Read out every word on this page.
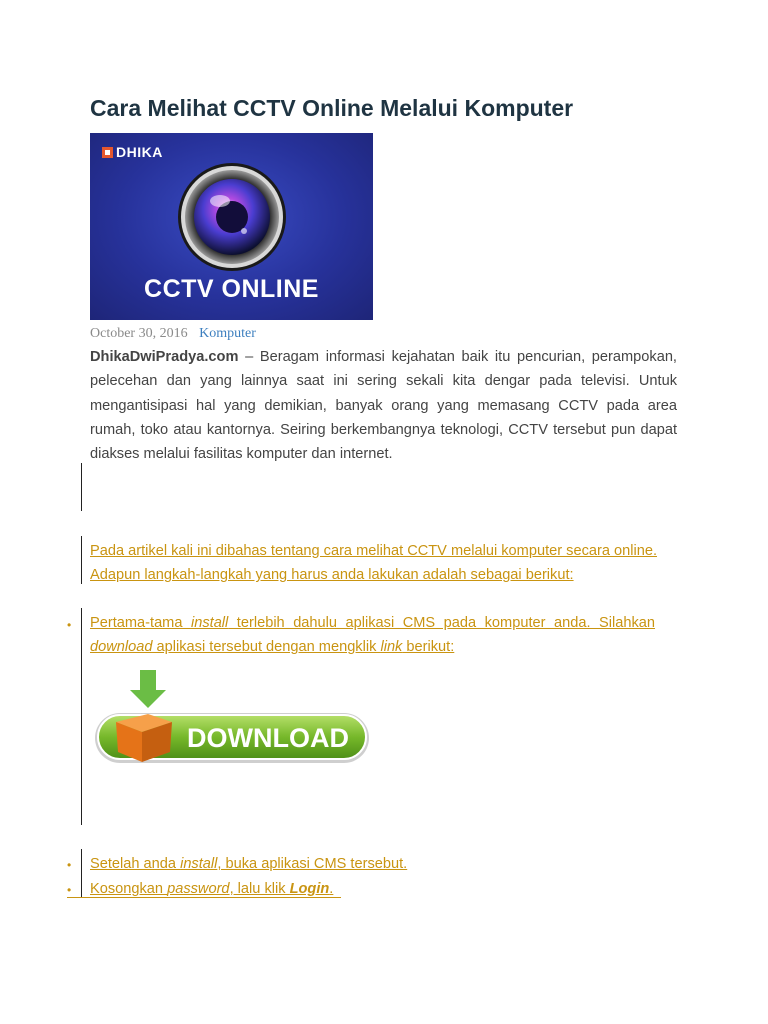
Cara Melihat CCTV Online Melalui Komputer
DHIKA
CCTV ONLINE
October 30, 2016 Komputer

DhikaDwiPradya.com – Beragam informasi kejahatan baik itu pencurian, perampokan, pelecehan dan yang lainnya saat ini sering sekali kita dengar pada televisi. Untuk mengantisipasi hal yang demikian, banyak orang yang memasang CCTV pada area rumah, toko atau kantornya. Seiring berkembangnya teknologi, CCTV tersebut pun dapat diakses melalui fasilitas komputer dan internet.

Pada artikel kali ini dibahas tentang cara melihat CCTV melalui komputer secara online. Adapun langkah-langkah yang harus anda lakukan adalah sebagai berikut:

•

Pertama-tama install terlebih dahulu aplikasi CMS pada komputer anda. Silahkan download aplikasi tersebut dengan mengklik link berikut:

DOWNLOAD
•

Setelah anda install, buka aplikasi CMS tersebut.

•

Kosongkan password, lalu klik Login.
